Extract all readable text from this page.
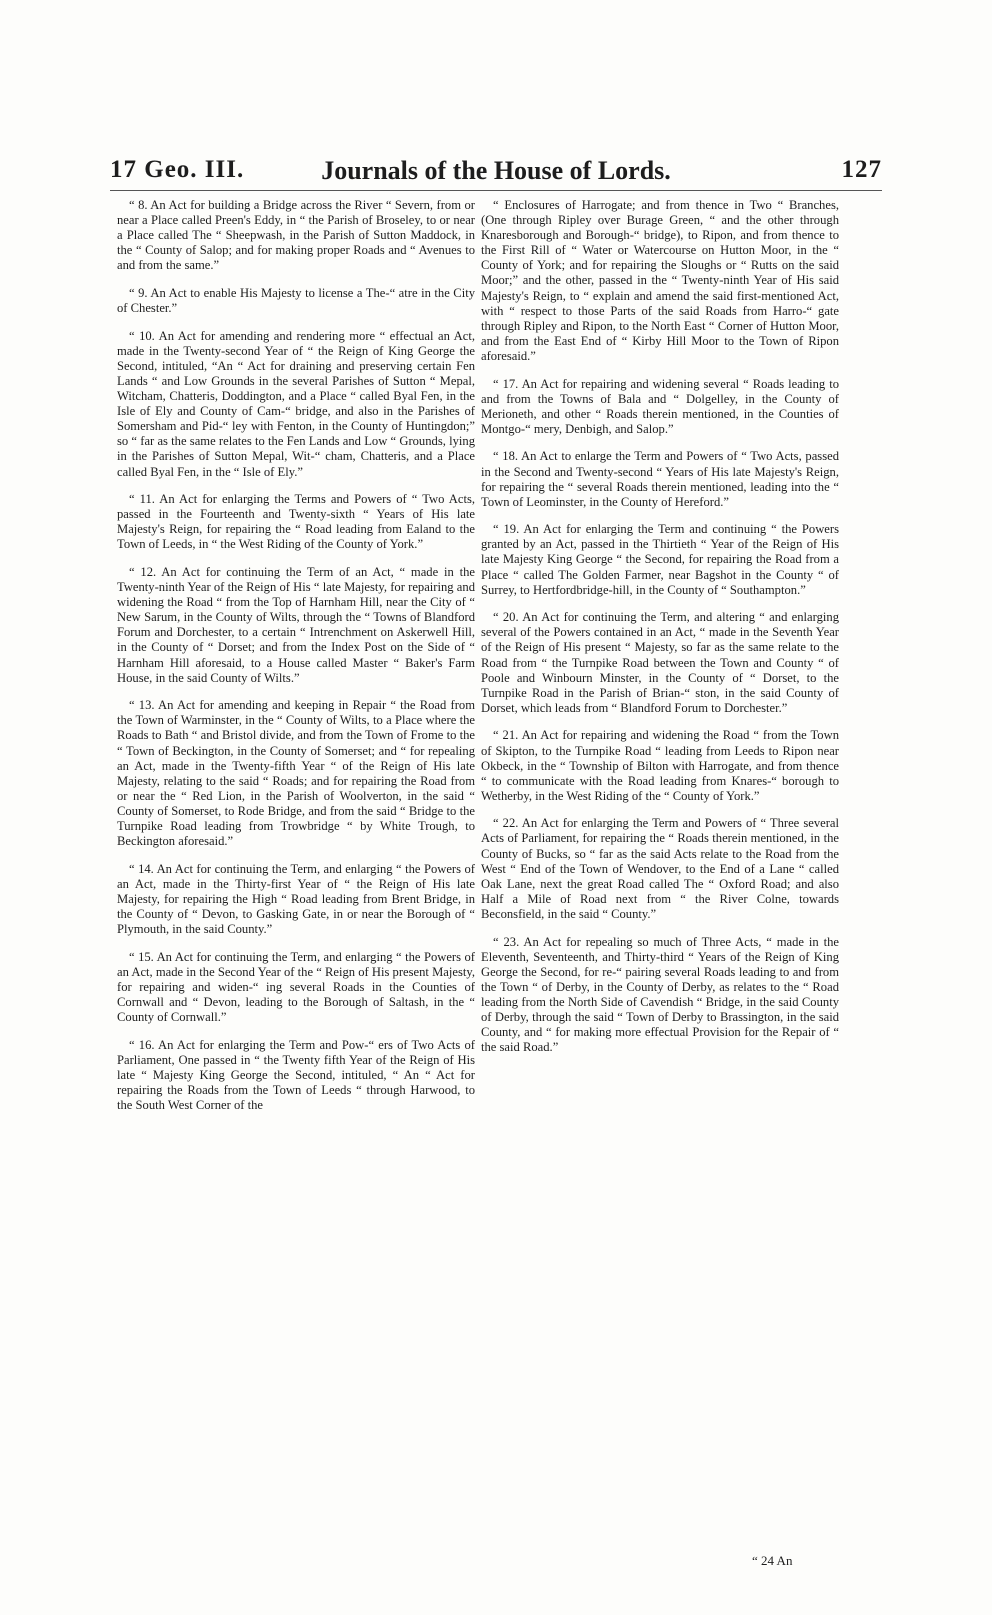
17 Geo. III.	Journals of the House of Lords.	127

“ 8. An Act for building a Bridge across the River “ Severn, from or near a Place called Preen's Eddy, in “ the Parish of Broseley, to or near a Place called The “ Sheepwash, in the Parish of Sutton Maddock, in the “ County of Salop; and for making proper Roads and “ Avenues to and from the same.”

“ 9. An Act to enable His Majesty to license a The-“ atre in the City of Chester.”

“ 10. An Act for amending and rendering more “ effectual an Act, made in the Twenty-second Year of “ the Reign of King George the Second, intituled, “An “ Act for draining and preserving certain Fen Lands “ and Low Grounds in the several Parishes of Sutton “ Mepal, Witcham, Chatteris, Doddington, and a Place “ called Byal Fen, in the Isle of Ely and County of Cam-“ bridge, and also in the Parishes of Somersham and Pid-“ ley with Fenton, in the County of Huntingdon;” so “ far as the same relates to the Fen Lands and Low “ Grounds, lying in the Parishes of Sutton Mepal, Wit-“ cham, Chatteris, and a Place called Byal Fen, in the “ Isle of Ely.”

“ 11. An Act for enlarging the Terms and Powers of “ Two Acts, passed in the Fourteenth and Twenty-sixth “ Years of His late Majesty's Reign, for repairing the “ Road leading from Ealand to the Town of Leeds, in “ the West Riding of the County of York.”

“ 12. An Act for continuing the Term of an Act, “ made in the Twenty-ninth Year of the Reign of His “ late Majesty, for repairing and widening the Road “ from the Top of Harnham Hill, near the City of “ New Sarum, in the County of Wilts, through the “ Towns of Blandford Forum and Dorchester, to a certain “ Intrenchment on Askerwell Hill, in the County of “ Dorset; and from the Index Post on the Side of “ Harnham Hill aforesaid, to a House called Master “ Baker's Farm House, in the said County of Wilts.”

“ 13. An Act for amending and keeping in Repair “ the Road from the Town of Warminster, in the “ County of Wilts, to a Place where the Roads to Bath “ and Bristol divide, and from the Town of Frome to the “ Town of Beckington, in the County of Somerset; and “ for repealing an Act, made in the Twenty-fifth Year “ of the Reign of His late Majesty, relating to the said “ Roads; and for repairing the Road from or near the “ Red Lion, in the Parish of Woolverton, in the said “ County of Somerset, to Rode Bridge, and from the said “ Bridge to the Turnpike Road leading from Trowbridge “ by White Trough, to Beckington aforesaid.”

“ 14. An Act for continuing the Term, and enlarging “ the Powers of an Act, made in the Thirty-first Year of “ the Reign of His late Majesty, for repairing the High “ Road leading from Brent Bridge, in the County of “ Devon, to Gasking Gate, in or near the Borough of “ Plymouth, in the said County.”

“ 15. An Act for continuing the Term, and enlarging “ the Powers of an Act, made in the Second Year of the “ Reign of His present Majesty, for repairing and widen-“ ing several Roads in the Counties of Cornwall and “ Devon, leading to the Borough of Saltash, in the “ County of Cornwall.”

“ 16. An Act for enlarging the Term and Pow-“ ers of Two Acts of Parliament, One passed in “ the Twenty fifth Year of the Reign of His late “ Majesty King George the Second, intituled, “ An “ Act for repairing the Roads from the Town of Leeds “ through Harwood, to the South West Corner of the

“ Enclosures of Harrogate; and from thence in Two “ Branches, (One through Ripley over Burage Green, “ and the other through Knaresborough and Borough-“ bridge), to Ripon, and from thence to the First Rill of “ Water or Watercourse on Hutton Moor, in the “ County of York; and for repairing the Sloughs or “ Rutts on the said Moor;” and the other, passed in the “ Twenty-ninth Year of His said Majesty's Reign, to “ explain and amend the said first-mentioned Act, with “ respect to those Parts of the said Roads from Harro-“ gate through Ripley and Ripon, to the North East “ Corner of Hutton Moor, and from the East End of “ Kirby Hill Moor to the Town of Ripon aforesaid.”

“ 17. An Act for repairing and widening several “ Roads leading to and from the Towns of Bala and “ Dolgelley, in the County of Merioneth, and other “ Roads therein mentioned, in the Counties of Montgo-“ mery, Denbigh, and Salop.”

“ 18. An Act to enlarge the Term and Powers of “ Two Acts, passed in the Second and Twenty-second “ Years of His late Majesty's Reign, for repairing the “ several Roads therein mentioned, leading into the “ Town of Leominster, in the County of Hereford.”

“ 19. An Act for enlarging the Term and continuing “ the Powers granted by an Act, passed in the Thirtieth “ Year of the Reign of His late Majesty King George “ the Second, for repairing the Road from a Place “ called The Golden Farmer, near Bagshot in the County “ of Surrey, to Hertfordbridge-hill, in the County of “ Southampton.”

“ 20. An Act for continuing the Term, and altering “ and enlarging several of the Powers contained in an Act, “ made in the Seventh Year of the Reign of His present “ Majesty, so far as the same relate to the Road from “ the Turnpike Road between the Town and County “ of Poole and Winbourn Minster, in the County of “ Dorset, to the Turnpike Road in the Parish of Brian-“ ston, in the said County of Dorset, which leads from “ Blandford Forum to Dorchester.”

“ 21. An Act for repairing and widening the Road “ from the Town of Skipton, to the Turnpike Road “ leading from Leeds to Ripon near Okbeck, in the “ Township of Bilton with Harrogate, and from thence “ to communicate with the Road leading from Knares-“ borough to Wetherby, in the West Riding of the “ County of York.”

“ 22. An Act for enlarging the Term and Powers of “ Three several Acts of Parliament, for repairing the “ Roads therein mentioned, in the County of Bucks, so “ far as the said Acts relate to the Road from the West “ End of the Town of Wendover, to the End of a Lane “ called Oak Lane, next the great Road called The “ Oxford Road; and also Half a Mile of Road next from “ the River Colne, towards Beconsfield, in the said “ County.”

“ 23. An Act for repealing so much of Three Acts, “ made in the Eleventh, Seventeenth, and Thirty-third “ Years of the Reign of King George the Second, for re-“ pairing several Roads leading to and from the Town “ of Derby, in the County of Derby, as relates to the “ Road leading from the North Side of Cavendish “ Bridge, in the said County of Derby, through the said “ Town of Derby to Brassington, in the said County, and “ for making more effectual Provision for the Repair of “ the said Road.”

“ 24 An
